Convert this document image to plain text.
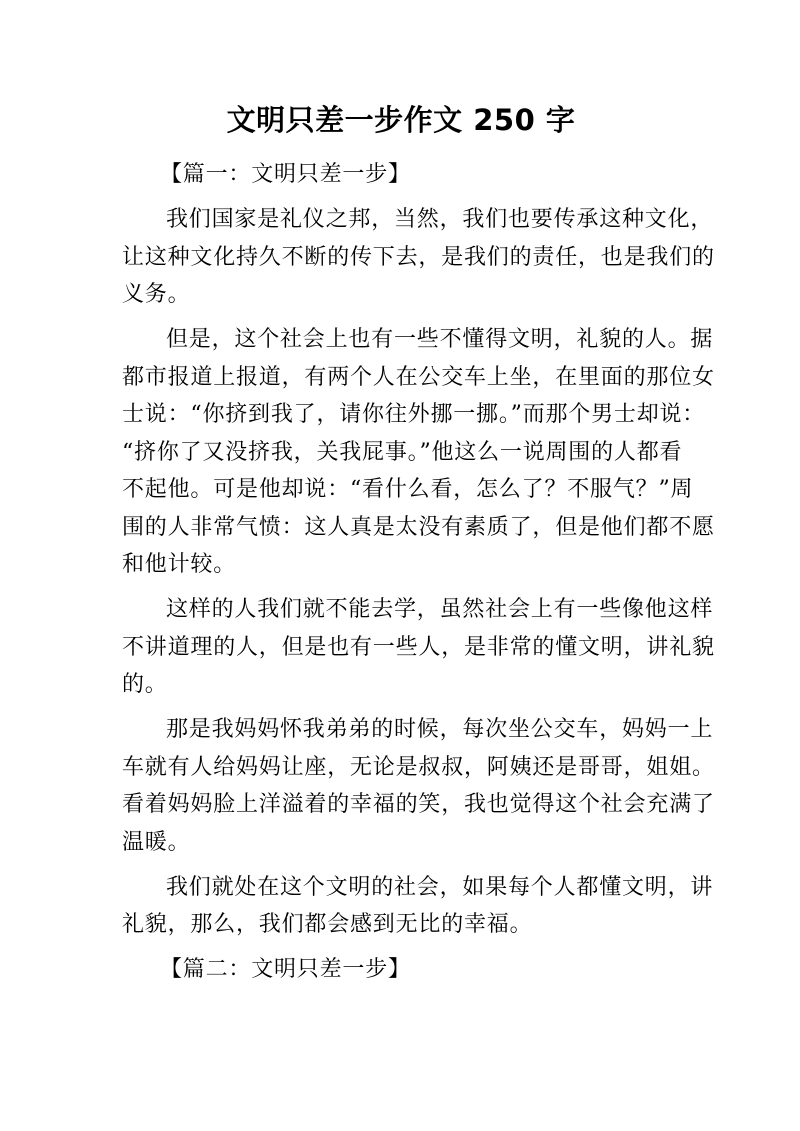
文明只差一步作文 250 字
【篇一：文明只差一步】
我们国家是礼仪之邦，当然，我们也要传承这种文化，
让这种文化持久不断的传下去，是我们的责任，也是我们的
义务。
但是，这个社会上也有一些不懂得文明，礼貌的人。据
都市报道上报道，有两个人在公交车上坐，在里面的那位女
士说：“你挤到我了，请你往外挪一挪。”而那个男士却说：
“挤你了又没挤我，关我屁事。”他这么一说周围的人都看
不起他。可是他却说：“看什么看，怎么了？不服气？”周
围的人非常气愤：这人真是太没有素质了，但是他们都不愿
和他计较。
这样的人我们就不能去学，虽然社会上有一些像他这样
不讲道理的人，但是也有一些人，是非常的懂文明，讲礼貌
的。
那是我妈妈怀我弟弟的时候，每次坐公交车，妈妈一上
车就有人给妈妈让座，无论是叔叔，阿姨还是哥哥，姐姐。
看着妈妈脸上洋溢着的幸福的笑，我也觉得这个社会充满了
温暖。
我们就处在这个文明的社会，如果每个人都懂文明，讲
礼貌，那么，我们都会感到无比的幸福。
【篇二：文明只差一步】
